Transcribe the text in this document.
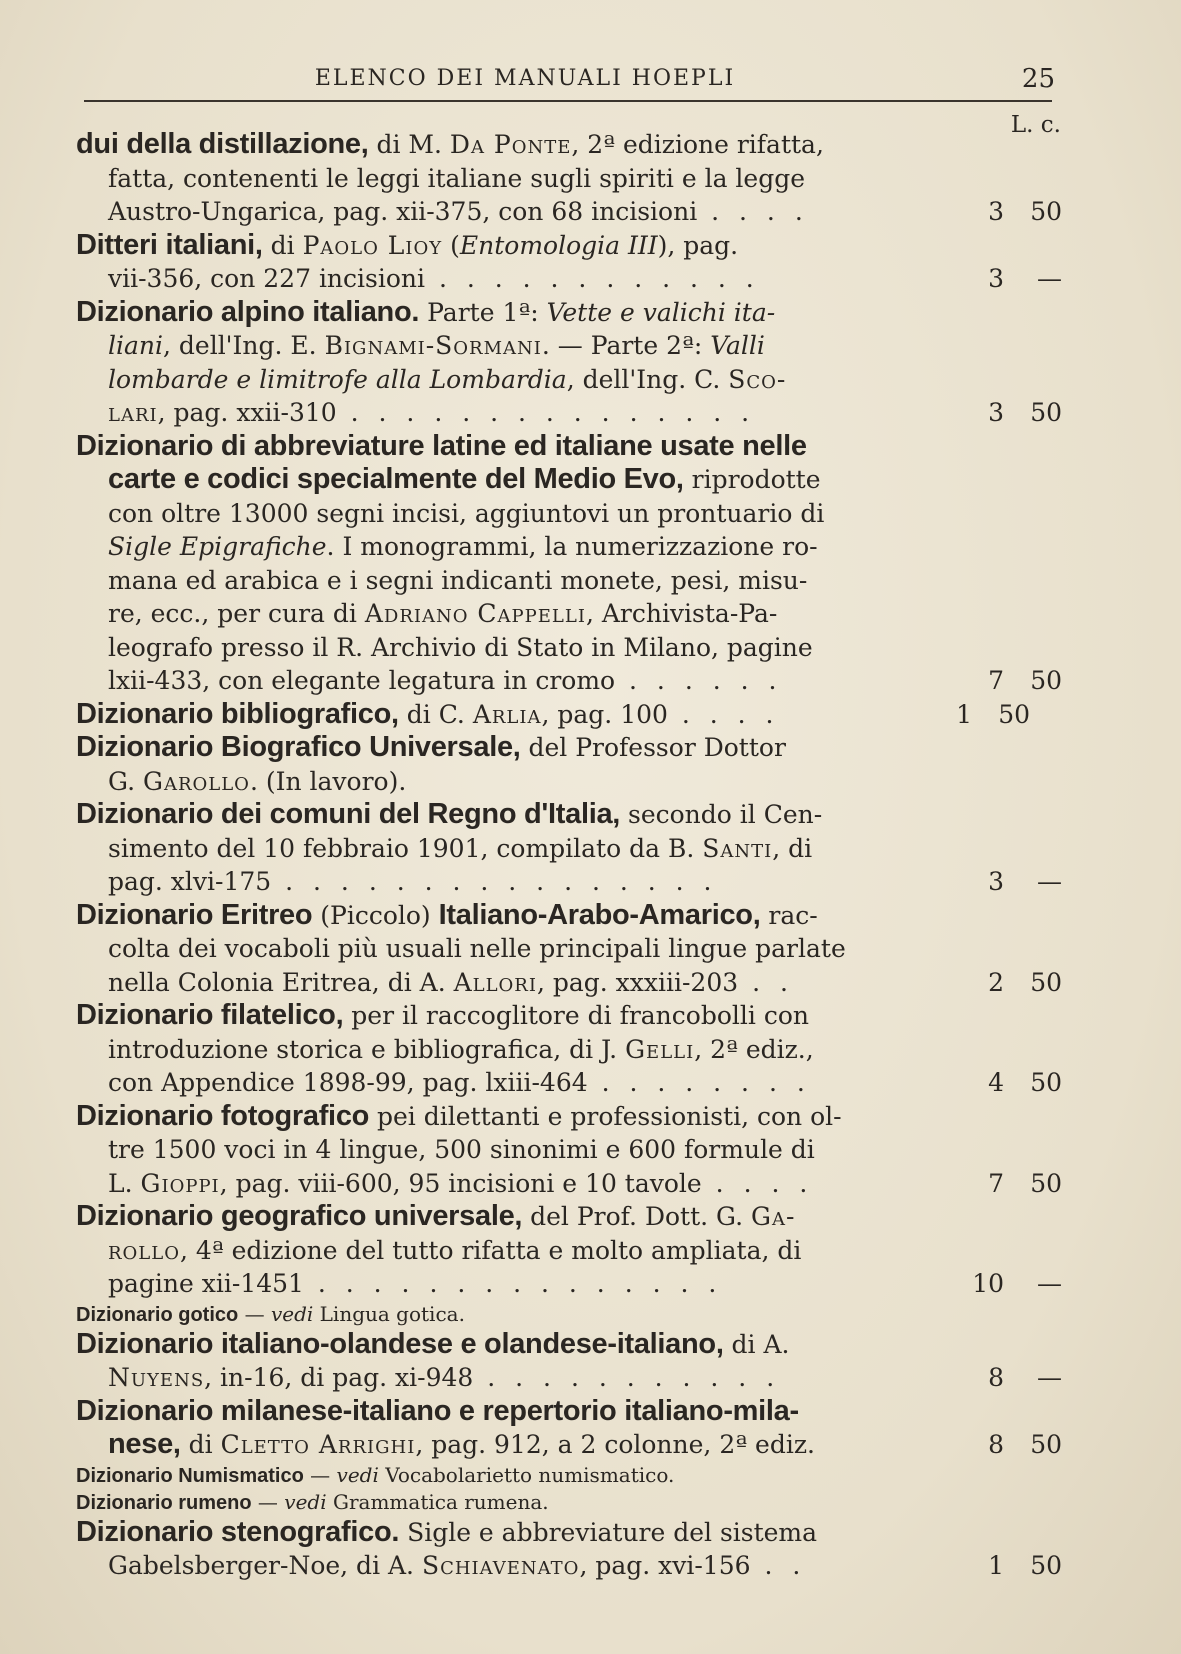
ELENCO DEI MANUALI HOEPLI	25
L. c.
dui della distillazione, di M. Da Ponte, 2ª edizione rifatta,
fatta, contenenti le leggi italiane sugli spiriti e la legge
Austro-Ungarica, pag. xii-375, con 68 incisioni . . . .	3 50
Ditteri italiani, di Paolo Lioy (Entomologia III), pag.
vii-356, con 227 incisioni . . . . . . . . . . . .	3 —
Dizionario alpino italiano. Parte 1ª: Vette e valichi ita-
liani, dell'Ing. E. Bignami-Sormani. — Parte 2ª: Valli
lombarde e limitrofe alla Lombardia, dell'Ing. C. Sco-
lari, pag. xxii-310 . . . . . . . . . . . . . . .	3 50
Dizionario di abbreviature latine ed italiane usate nelle
carte e codici specialmente del Medio Evo, riprodotte
con oltre 13000 segni incisi, aggiuntovi un prontuario di
Sigle Epigrafiche. I monogrammi, la numerizzazione ro-
mana ed arabica e i segni indicanti monete, pesi, misu-
re, ecc., per cura di Adriano Cappelli, Archivista-Pa-
leografo presso il R. Archivio di Stato in Milano, pagine
lxii-433, con elegante legatura in cromo . . . . . .	7 50
Dizionario bibliografico, di C. Arlia, pag. 100 . . . .	1 50
Dizionario Biografico Universale, del Professor Dottor
G. Garollo. (In lavoro).
Dizionario dei comuni del Regno d'Italia, secondo il Cen-
simento del 10 febbraio 1901, compilato da B. Santi, di
pag. xlvi-175 . . . . . . . . . . . . . . . .	3 —
Dizionario Eritreo (Piccolo) Italiano-Arabo-Amarico, rac-
colta dei vocaboli più usuali nelle principali lingue parlate
nella Colonia Eritrea, di A. Allori, pag. xxxiii-203 . .	2 50
Dizionario filatelico, per il raccoglitore di francobolli con
introduzione storica e bibliografica, di J. Gelli, 2ª ediz.,
con Appendice 1898-99, pag. lxiii-464 . . . . . . . .	4 50
Dizionario fotografico pei dilettanti e professionisti, con ol-
tre 1500 voci in 4 lingue, 500 sinonimi e 600 formule di
L. Gioppi, pag. viii-600, 95 incisioni e 10 tavole . . . .	7 50
Dizionario geografico universale, del Prof. Dott. G. Ga-
rollo, 4ª edizione del tutto rifatta e molto ampliata, di
pagine xii-1451 . . . . . . . . . . . . . . .	10 —
Dizionario gotico — vedi Lingua gotica.
Dizionario italiano-olandese e olandese-italiano, di A.
Nuyens, in-16, di pag. xi-948 . . . . . . . . . . .	8 —
Dizionario milanese-italiano e repertorio italiano-mila-
nese, di Cletto Arrighi, pag. 912, a 2 colonne, 2ª ediz.	8 50
Dizionario Numismatico — vedi Vocabolarietto numismatico.
Dizionario rumeno — vedi Grammatica rumena.
Dizionario stenografico. Sigle e abbreviature del sistema
Gabelsberger-Noe, di A. Schiavenato, pag. xvi-156 . .	1 50
